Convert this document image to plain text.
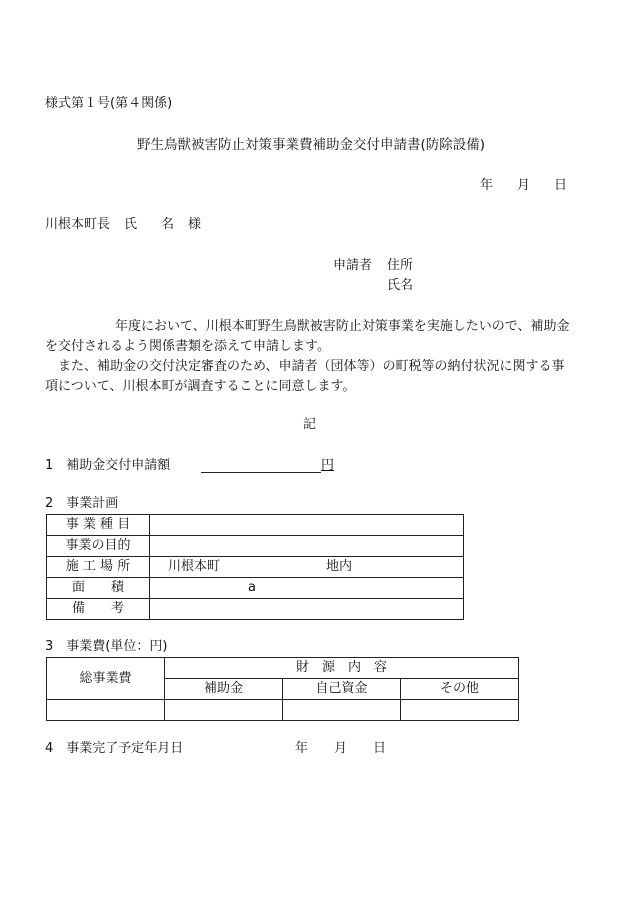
様式第１号(第４関係)
野生鳥獣被害防止対策事業費補助金交付申請書(防除設備)
年 月 日
川根本町長 氏 名 様
申請者 住所
氏名
年度において、川根本町野生鳥獣被害防止対策事業を実施したいので、補助金を交付されるよう関係書類を添えて申請します。
また、補助金の交付決定審査のため、申請者（団体等）の町税等の納付状況に関する事項について、川根本町が調査することに同意します。
記
1　補助金交付申請額	円
2　事業計画
事 業 種 目	
事業の目的	
施 工 場 所	川根本町 地内
面　　積	a
備　　考	
3　事業費(単位：円)
総事業費	財　源　内　容		
	補助金	自己資金	その他

4　事業完了予定年月日	年 月 日
